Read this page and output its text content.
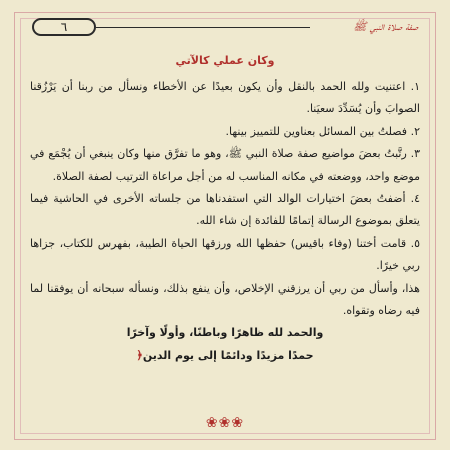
٦	صفة صلاة النبي ﷺ
وكان عملي كالآتي

١. اعتنيت ولله الحمد بالنقل وأن يكون بعيدًا عن الأخطاء ونسأل من ربنا أن يَرْزُقنا الصوابَ وأن يُسَدِّدَ سعيَنا.

٢. فصلتُ بين المسائل بعناوين للتمييز بينها.

٣. رتَّبتُ بعضَ مواضيع صفة صلاة النبي ﷺ، وهو ما تفرَّق منها وكان ينبغي أن يُجْمَع في موضع واحد، ووضعته في مكانه المناسب له من أجل مراعاة الترتيب لصفة الصلاة.

٤. أضفتُ بعضَ اختيارات الوالد التي استفدناها من جلساته الأخرى في الحاشية فيما يتعلق بموضوع الرسالة إتمامًا للفائدة إن شاء الله.

٥. قامت أختنا (وفاء باقيس) حفظها الله ورزقها الحياة الطيبة، بفهرس للكتاب، جزاها ربي خيرًا.

هذا، وأسأل من ربي أن يرزقني الإخلاص، وأن ينفع بذلك، ونسأله سبحانه أن يوفقنا لما فيه رضاه وتقواه.

والحمد لله ظاهرًا وباطنًا، وأولًا وآخرًا

حمدًا مزيدًا ودائمًا إلى يوم الدين﴿

❀❀❀
